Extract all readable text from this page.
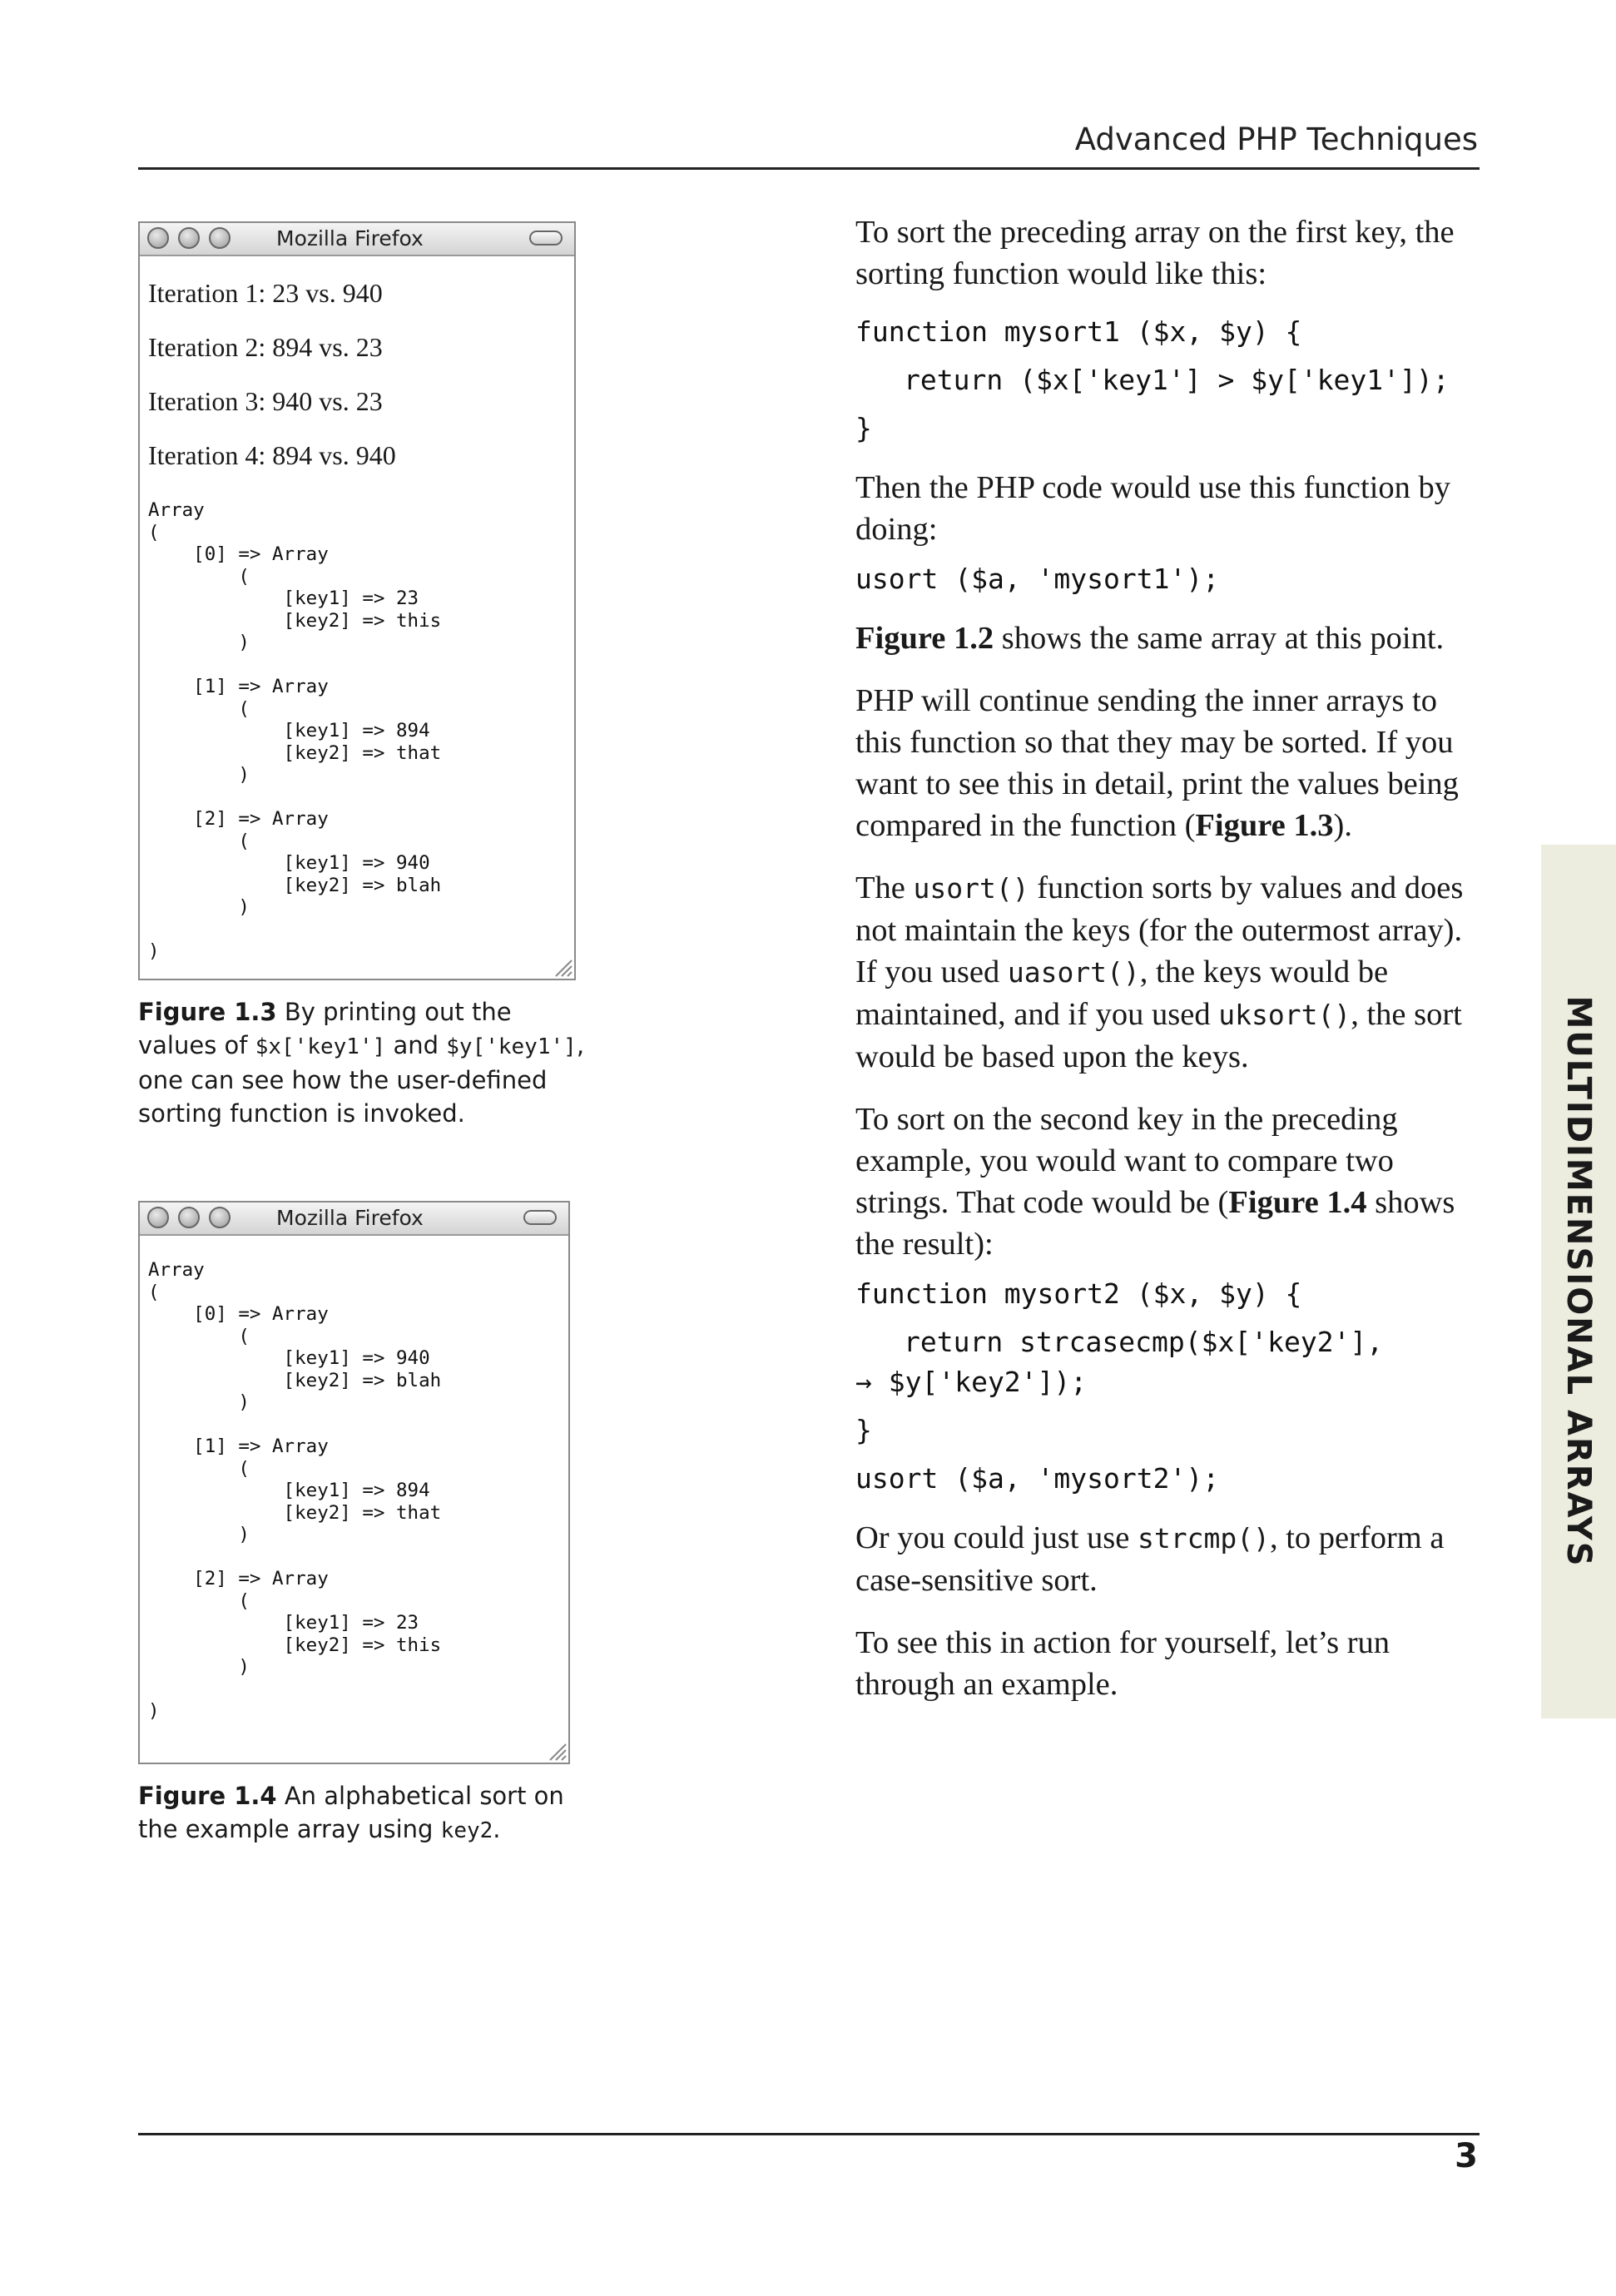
Advanced PHP Techniques
Mozilla Firefox
Iteration 1: 23 vs. 940
Iteration 2: 894 vs. 23
Iteration 3: 940 vs. 23
Iteration 4: 894 vs. 940
Array
(
[0] => Array
(
[key1] => 23
[key2] => this
)

[1] => Array
(
[key1] => 894
[key2] => that
)

[2] => Array
(
[key1] => 940
[key2] => blah
)

)
Figure 1.3 By printing out the values of $x['key1'] and $y['key1'], one can see how the user-defined sorting function is invoked.
Mozilla Firefox
Array
(
[0] => Array
(
[key1] => 940
[key2] => blah
)

[1] => Array
(
[key1] => 894
[key2] => that
)

[2] => Array
(
[key1] => 23
[key2] => this
)

)
Figure 1.4 An alphabetical sort on the example array using key2.

To sort the preceding array on the first key, the sorting function would like this:

function mysort1 ($x, $y) {
return ($x['key1'] > $y['key1']);
}

Then the PHP code would use this function by doing:

usort ($a, 'mysort1');

Figure 1.2 shows the same array at this point.

PHP will continue sending the inner arrays to this function so that they may be sorted. If you want to see this in detail, print the values being compared in the function (Figure 1.3).

The usort() function sorts by values and does not maintain the keys (for the outermost array). If you used uasort(), the keys would be maintained, and if you used uksort(), the sort would be based upon the keys.

To sort on the second key in the preceding example, you would want to compare two strings. That code would be (Figure 1.4 shows the result):

function mysort2 ($x, $y) {
return strcasecmp($x['key2'],
→ $y['key2']);
}
usort ($a, 'mysort2');

Or you could just use strcmp(), to perform a case-sensitive sort.

To see this in action for yourself, let’s run through an example.

MULTIDIMENSIONAL ARRAYS
3
